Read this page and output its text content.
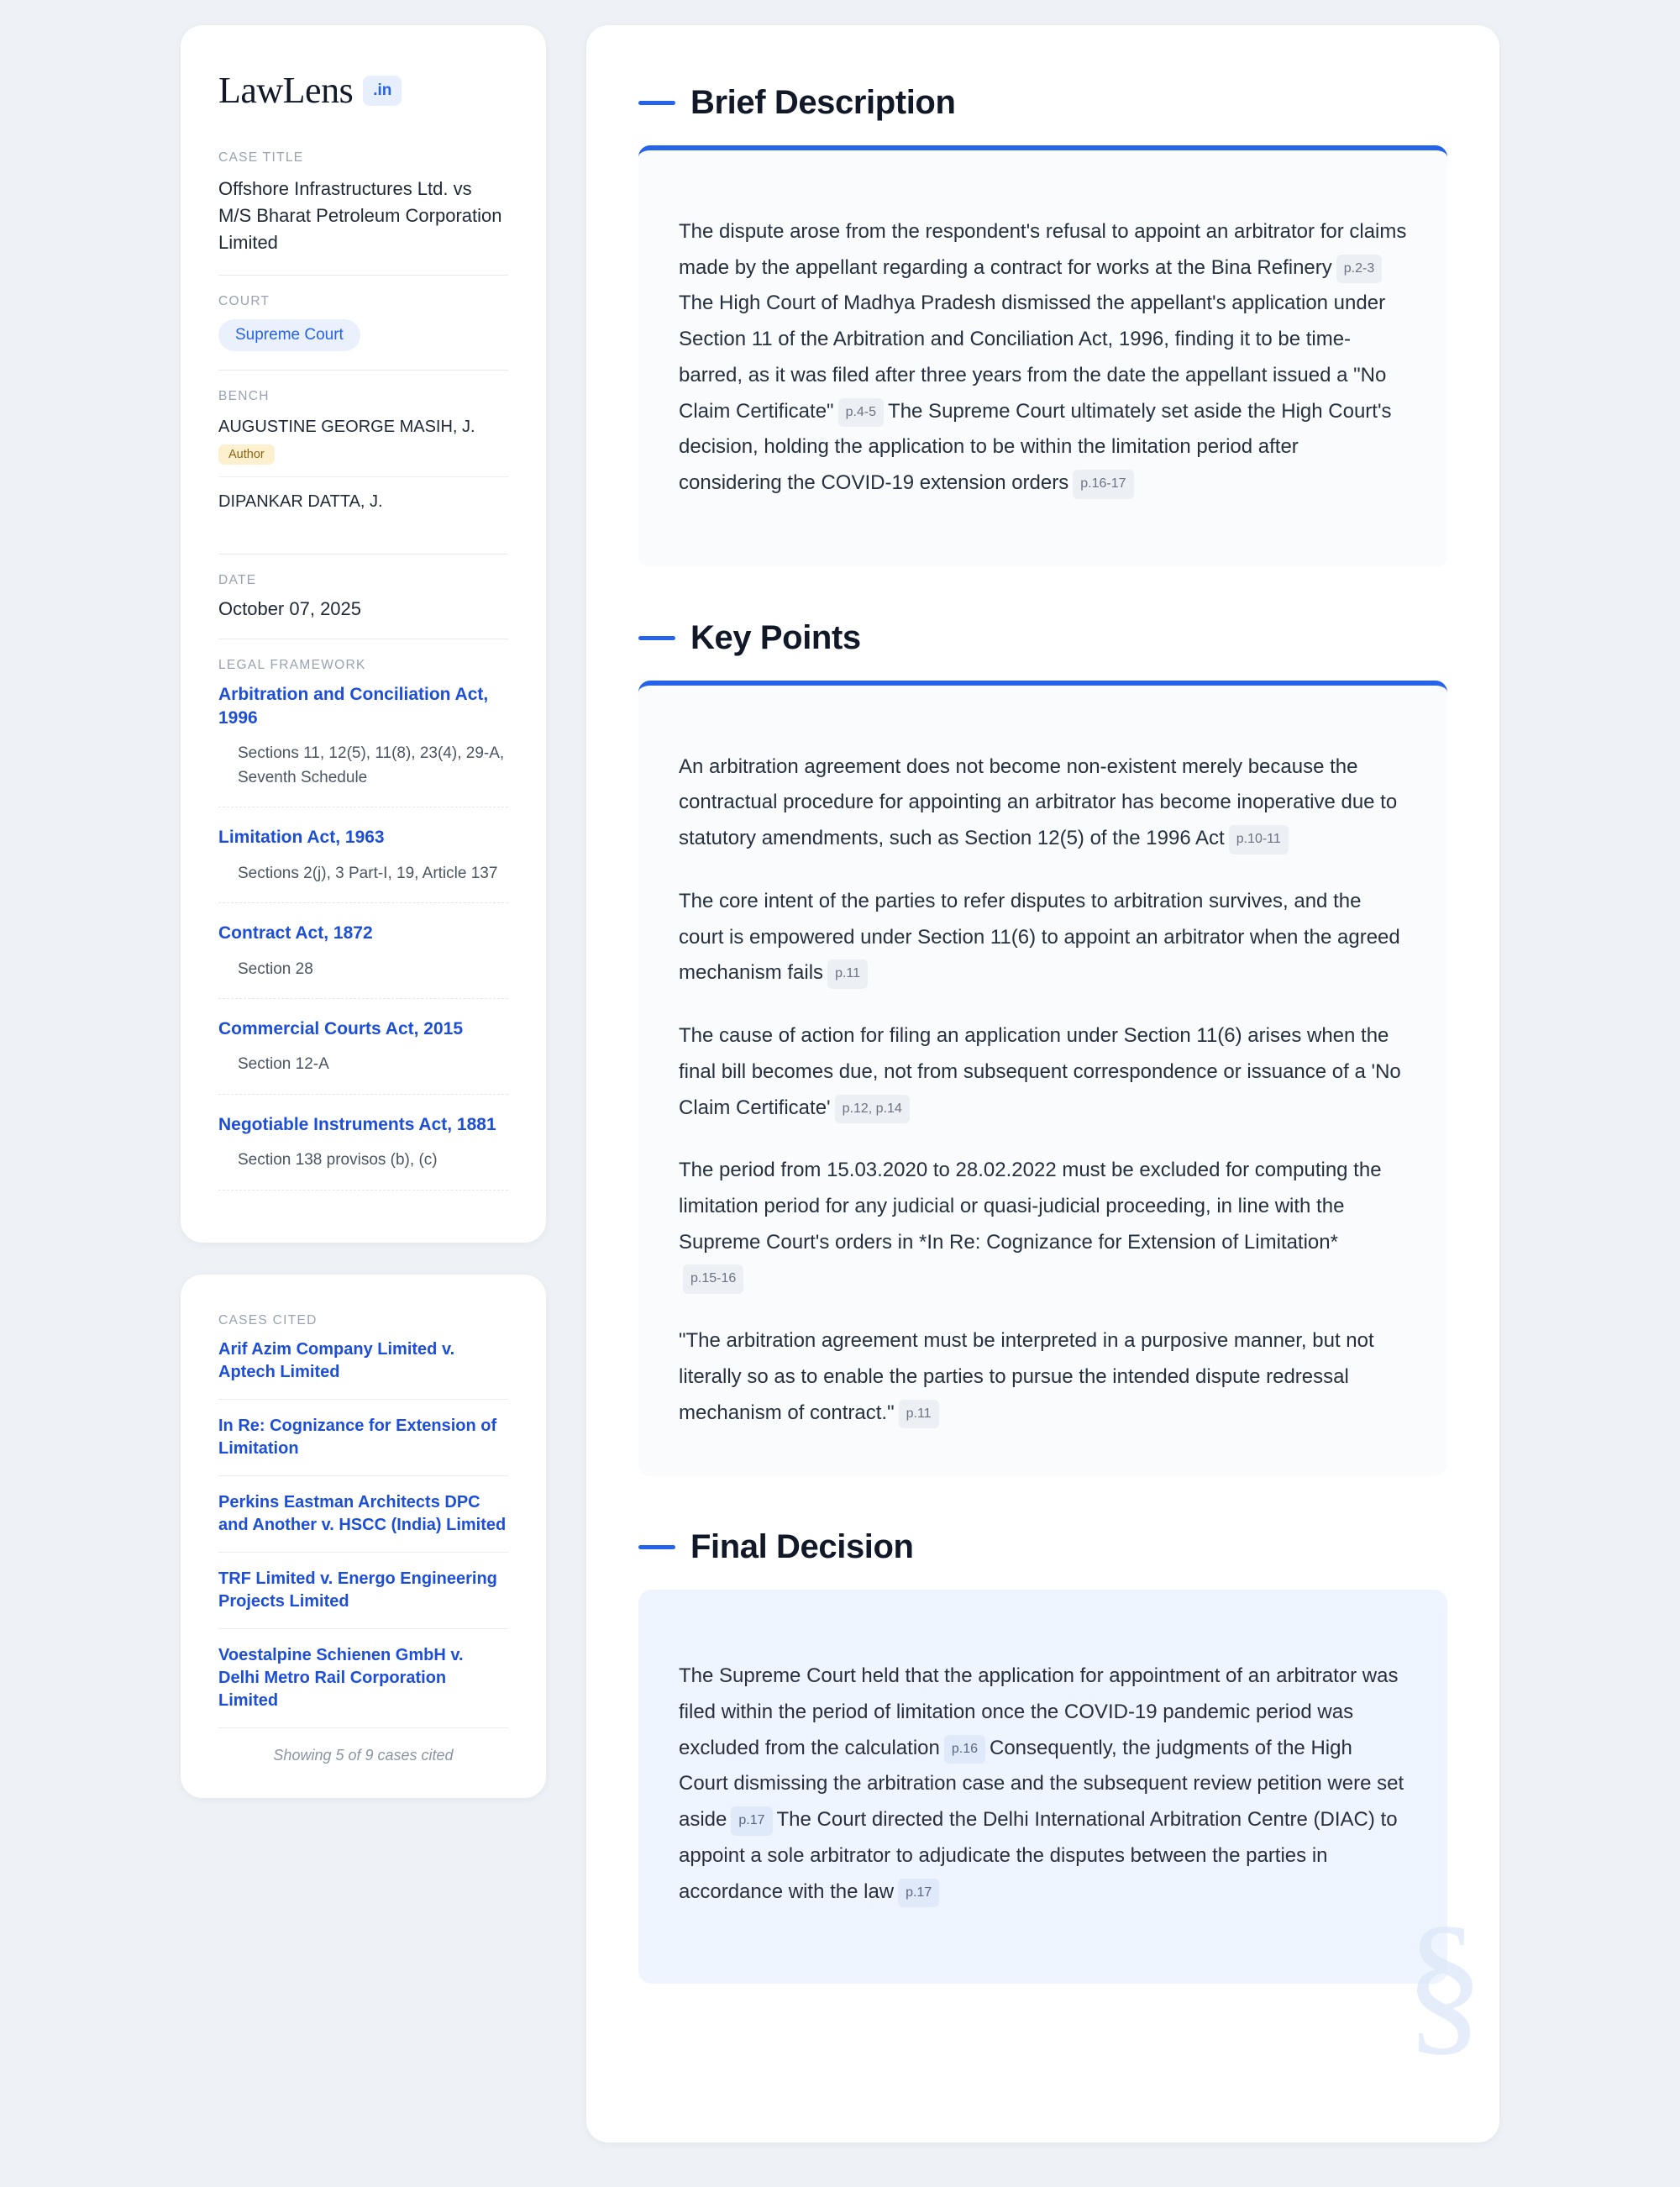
LawLens	.in
CASE TITLE
Offshore Infrastructures Ltd. vs M/S Bharat Petroleum Corporation Limited
COURT
Supreme Court
BENCH
AUGUSTINE GEORGE MASIH, J.
Author
DIPANKAR DATTA, J.
DATE
October 07, 2025
LEGAL FRAMEWORK
Arbitration and Conciliation Act, 1996
Sections 11, 12(5), 11(8), 23(4), 29-A, Seventh Schedule
Limitation Act, 1963
Sections 2(j), 3 Part-I, 19, Article 137
Contract Act, 1872
Section 28
Commercial Courts Act, 2015
Section 12-A
Negotiable Instruments Act, 1881
Section 138 provisos (b), (c)
CASES CITED
Arif Azim Company Limited v. Aptech Limited
In Re: Cognizance for Extension of Limitation
Perkins Eastman Architects DPC and Another v. HSCC (India) Limited
TRF Limited v. Energo Engineering Projects Limited
Voestalpine Schienen GmbH v. Delhi Metro Rail Corporation Limited
Showing 5 of 9 cases cited
Brief Description

The dispute arose from the respondent's refusal to appoint an arbitrator for claims made by the appellant regarding a contract for works at the Bina Refinery p.2-3The High Court of Madhya Pradesh dismissed the appellant's application under Section 11 of the Arbitration and Conciliation Act, 1996, finding it to be time-barred, as it was filed after three years from the date the appellant issued a "No Claim Certificate" p.4-5 The Supreme Court ultimately set aside the High Court's decision, holding the application to be within the limitation period after considering the COVID-19 extension orders p.16-17

Key Points

An arbitration agreement does not become non-existent merely because the contractual procedure for appointing an arbitrator has become inoperative due to statutory amendments, such as Section 12(5) of the 1996 Act p.10-11

The core intent of the parties to refer disputes to arbitration survives, and the court is empowered under Section 11(6) to appoint an arbitrator when the agreed mechanism fails p.11

The cause of action for filing an application under Section 11(6) arises when the final bill becomes due, not from subsequent correspondence or issuance of a 'No Claim Certificate' p.12, p.14

The period from 15.03.2020 to 28.02.2022 must be excluded for computing the limitation period for any judicial or quasi-judicial proceeding, in line with the Supreme Court's orders in *In Re: Cognizance for Extension of Limitation*p.15-16

"The arbitration agreement must be interpreted in a purposive manner, but not literally so as to enable the parties to pursue the intended dispute redressal mechanism of contract." p.11

Final Decision

The Supreme Court held that the application for appointment of an arbitrator was filed within the period of limitation once the COVID-19 pandemic period was excluded from the calculation p.16 Consequently, the judgments of the High Court dismissing the arbitration case and the subsequent review petition were set aside p.17 The Court directed the Delhi International Arbitration Centre (DIAC) to appoint a sole arbitrator to adjudicate the disputes between the parties in accordance with the law p.17

§
